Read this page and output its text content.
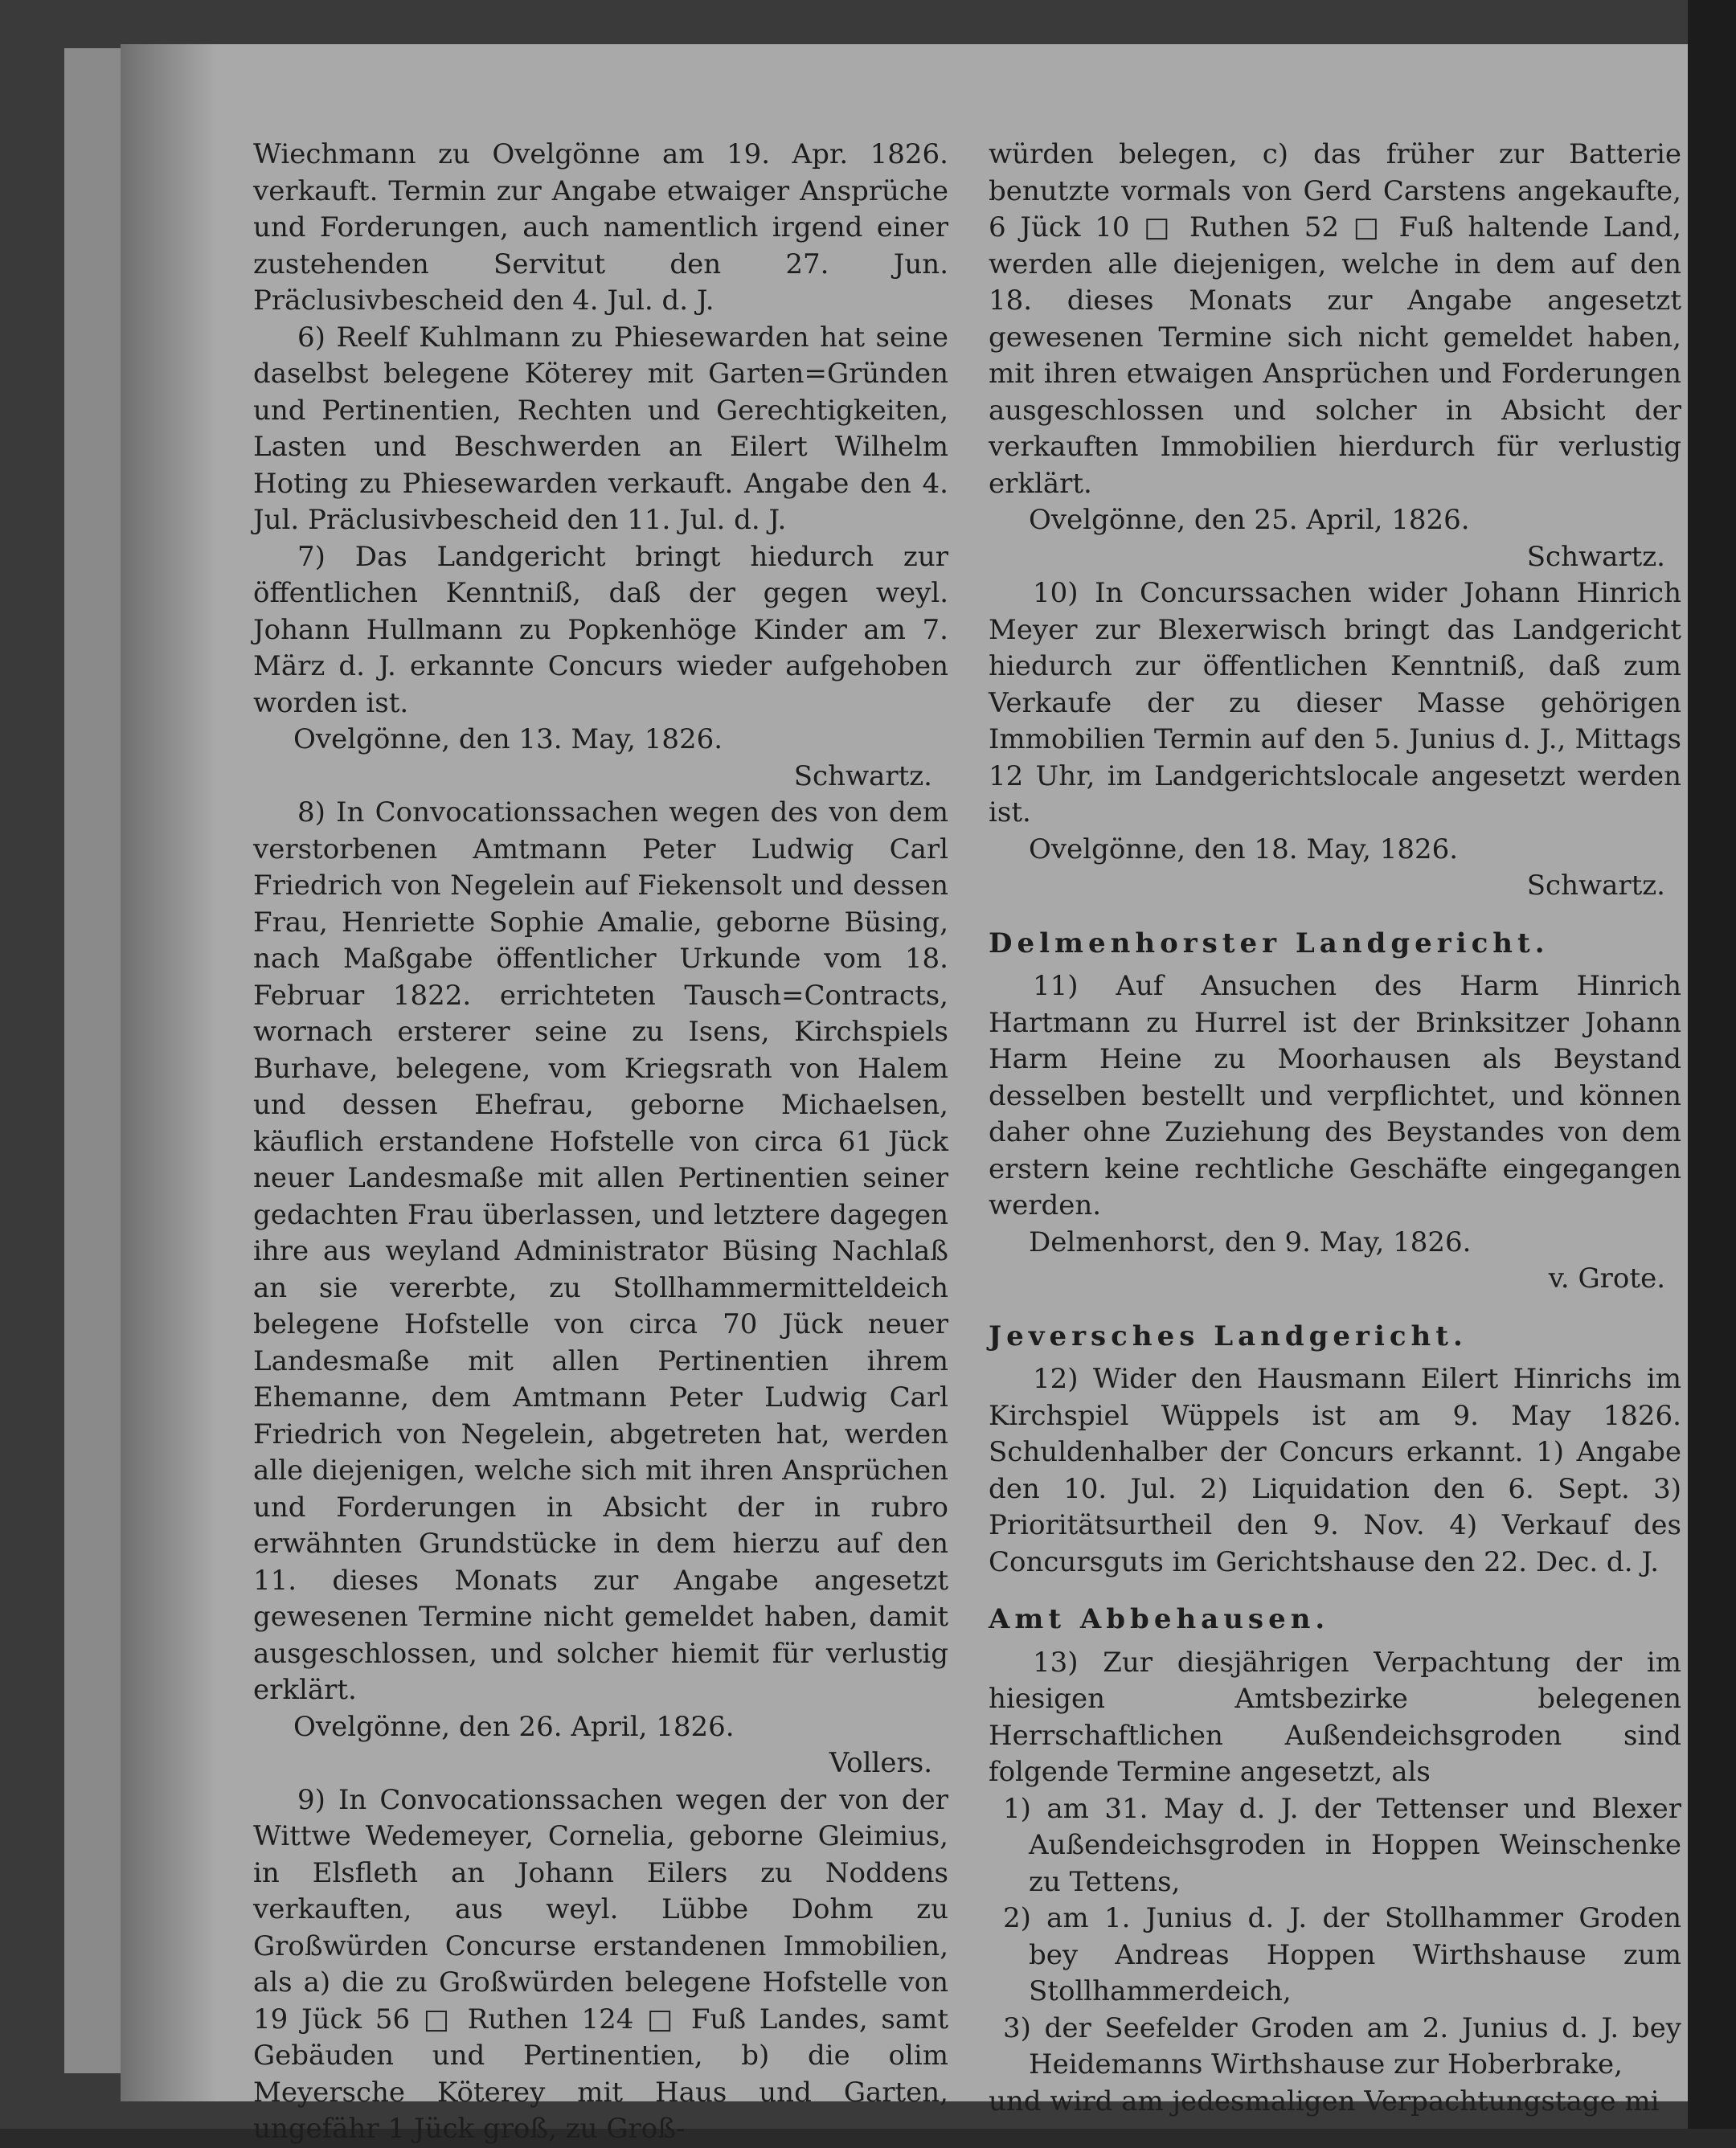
Wiechmann zu Ovelgönne am 19. Apr. 1826. verkauft. Termin zur Angabe etwaiger Ansprüche und Forderungen, auch namentlich irgend einer zustehenden Servitut den 27. Jun. Präclusivbescheid den 4. Jul. d. J.

6) Reelf Kuhlmann zu Phiesewarden hat seine daselbst belegene Köterey mit Garten=Gründen und Pertinentien, Rechten und Gerechtigkeiten, Lasten und Beschwerden an Eilert Wilhelm Hoting zu Phiesewarden verkauft. Angabe den 4. Jul. Präclusivbescheid den 11. Jul. d. J.

7) Das Landgericht bringt hiedurch zur öffentlichen Kenntniß, daß der gegen weyl. Johann Hullmann zu Popkenhöge Kinder am 7. März d. J. erkannte Concurs wieder aufgehoben worden ist.

Ovelgönne, den 13. May, 1826.

Schwartz.

8) In Convocationssachen wegen des von dem verstorbenen Amtmann Peter Ludwig Carl Friedrich von Negelein auf Fiekensolt und dessen Frau, Henriette Sophie Amalie, geborne Büsing, nach Maßgabe öffentlicher Urkunde vom 18. Februar 1822. errichteten Tausch=Contracts, wornach ersterer seine zu Isens, Kirchspiels Burhave, belegene, vom Kriegsrath von Halem und dessen Ehefrau, geborne Michaelsen, käuflich erstandene Hofstelle von circa 61 Jück neuer Landesmaße mit allen Pertinentien seiner gedachten Frau überlassen, und letztere dagegen ihre aus weyland Administrator Büsing Nachlaß an sie vererbte, zu Stollhammermitteldeich belegene Hofstelle von circa 70 Jück neuer Landesmaße mit allen Pertinentien ihrem Ehemanne, dem Amtmann Peter Ludwig Carl Friedrich von Negelein, abgetreten hat, werden alle diejenigen, welche sich mit ihren Ansprüchen und Forderungen in Absicht der in rubro erwähnten Grundstücke in dem hierzu auf den 11. dieses Monats zur Angabe angesetzt gewesenen Termine nicht gemeldet haben, damit ausgeschlossen, und solcher hiemit für verlustig erklärt.

Ovelgönne, den 26. April, 1826.

Vollers.

9) In Convocationssachen wegen der von der Wittwe Wedemeyer, Cornelia, geborne Gleimius, in Elsfleth an Johann Eilers zu Noddens verkauften, aus weyl. Lübbe Dohm zu Großwürden Concurse erstandenen Immobilien, als a) die zu Großwürden belegene Hofstelle von 19 Jück 56 □ Ruthen 124 □ Fuß Landes, samt Gebäuden und Pertinentien, b) die olim Meyersche Köterey mit Haus und Garten, ungefähr 1 Jück groß, zu Groß-

würden belegen, c) das früher zur Batterie benutzte vormals von Gerd Carstens angekaufte, 6 Jück 10 □ Ruthen 52 □ Fuß haltende Land, werden alle diejenigen, welche in dem auf den 18. dieses Monats zur Angabe angesetzt gewesenen Termine sich nicht gemeldet haben, mit ihren etwaigen Ansprüchen und Forderungen ausgeschlossen und solcher in Absicht der verkauften Immobilien hierdurch für verlustig erklärt.

Ovelgönne, den 25. April, 1826.

Schwartz.

10) In Concurssachen wider Johann Hinrich Meyer zur Blexerwisch bringt das Landgericht hiedurch zur öffentlichen Kenntniß, daß zum Verkaufe der zu dieser Masse gehörigen Immobilien Termin auf den 5. Junius d. J., Mittags 12 Uhr, im Landgerichtslocale angesetzt werden ist.

Ovelgönne, den 18. May, 1826.

Schwartz.

Delmenhorster Landgericht.

11) Auf Ansuchen des Harm Hinrich Hartmann zu Hurrel ist der Brinksitzer Johann Harm Heine zu Moorhausen als Beystand desselben bestellt und verpflichtet, und können daher ohne Zuziehung des Beystandes von dem erstern keine rechtliche Geschäfte eingegangen werden.

Delmenhorst, den 9. May, 1826.

v. Grote.

Jeversches Landgericht.

12) Wider den Hausmann Eilert Hinrichs im Kirchspiel Wüppels ist am 9. May 1826. Schuldenhalber der Concurs erkannt. 1) Angabe den 10. Jul. 2) Liquidation den 6. Sept. 3) Prioritätsurtheil den 9. Nov. 4) Verkauf des Concursguts im Gerichtshause den 22. Dec. d. J.

Amt Abbehausen.

13) Zur diesjährigen Verpachtung der im hiesigen Amtsbezirke belegenen Herrschaftlichen Außendeichsgroden sind folgende Termine angesetzt, als

1) am 31. May d. J. der Tettenser und Blexer Außendeichsgroden in Hoppen Weinschenke zu Tettens,

2) am 1. Junius d. J. der Stollhammer Groden bey Andreas Hoppen Wirthshause zum Stollhammerdeich,

3) der Seefelder Groden am 2. Junius d. J. bey Heidemanns Wirthshause zur Hoberbrake,

und wird am jedesmaligen Verpachtungstage mi
